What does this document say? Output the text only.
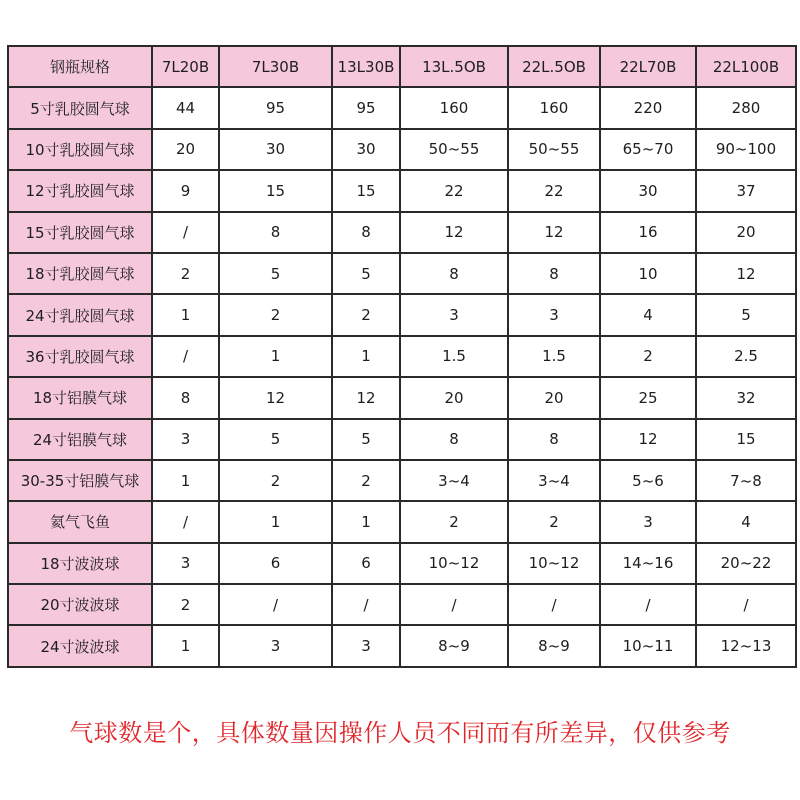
钢瓶规格	7L20B	7L30B	13L30B	13L.5OB	22L.5OB	22L70B	22L100B
5寸乳胶圆气球	44	95	95	160	160	220	280
10寸乳胶圆气球	20	30	30	50~55	50~55	65~70	90~100
12寸乳胶圆气球	9	15	15	22	22	30	37
15寸乳胶圆气球	/	8	8	12	12	16	20
18寸乳胶圆气球	2	5	5	8	8	10	12
24寸乳胶圆气球	1	2	2	3	3	4	5
36寸乳胶圆气球	/	1	1	1.5	1.5	2	2.5
18寸铝膜气球	8	12	12	20	20	25	32
24寸铝膜气球	3	5	5	8	8	12	15
30-35寸铝膜气球	1	2	2	3~4	3~4	5~6	7~8
氦气飞鱼	/	1	1	2	2	3	4
18寸波波球	3	6	6	10~12	10~12	14~16	20~22
20寸波波球	2	/	/	/	/	/	/
24寸波波球	1	3	3	8~9	8~9	10~11	12~13
气球数是个，具体数量因操作人员不同而有所差异，仅供参考
